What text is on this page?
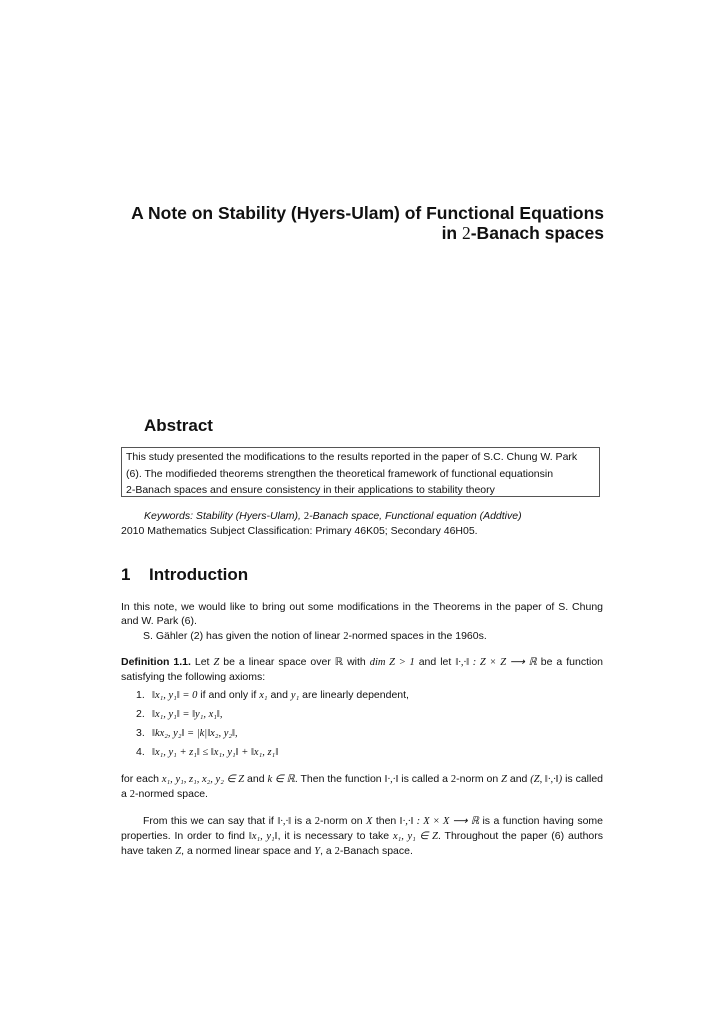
A Note on Stability (Hyers-Ulam) of Functional Equations
in 2-Banach spaces
Abstract
This study presented the modifications to the results reported in the paper of S.C. Chung W. Park
(6). The modifieded theorems strengthen the theoretical framework of functional equationsin
2-Banach spaces and ensure consistency in their applications to stability theory
Keywords: Stability (Hyers-Ulam), 2-Banach space, Functional equation (Addtive)
2010 Mathematics Subject Classification: Primary 46K05; Secondary 46H05.
1 Introduction
In this note, we would like to bring out some modifications in the Theorems in the paper of S. Chung and W. Park (6).
S. Gähler (2) has given the notion of linear 2-normed spaces in the 1960s.
Definition 1.1. Let Z be a linear space over ℝ with dim Z > 1 and let ‖·,·‖ : Z × Z ⟶ ℝ be a function satisfying the following axioms:
1. ‖x₁, y₁‖ = 0 if and only if x₁ and y₁ are linearly dependent,
2. ‖x₁, y₁‖ = ‖y₁, x₁‖,
3. ‖kx₂, y₂‖ = |k|‖x₂, y₂‖,
4. ‖x₁, y₁ + z₁‖ ≤ ‖x₁, y₁‖ + ‖x₁, z₁‖
for each x₁, y₁, z₁, x₂, y₂ ∈ Z and k ∈ ℝ. Then the function ‖·,·‖ is called a 2-norm on Z and (Z, ‖·,·‖) is called a 2-normed space.
From this we can say that if ‖·,·‖ is a 2-norm on X then ‖·,·‖ : X × X ⟶ ℝ is a function having some properties. In order to find ‖x₁, y₁‖, it is necessary to take x₁, y₁ ∈ Z. Throughout the paper (6) authors have taken Z, a normed linear space and Y, a 2-Banach space.
